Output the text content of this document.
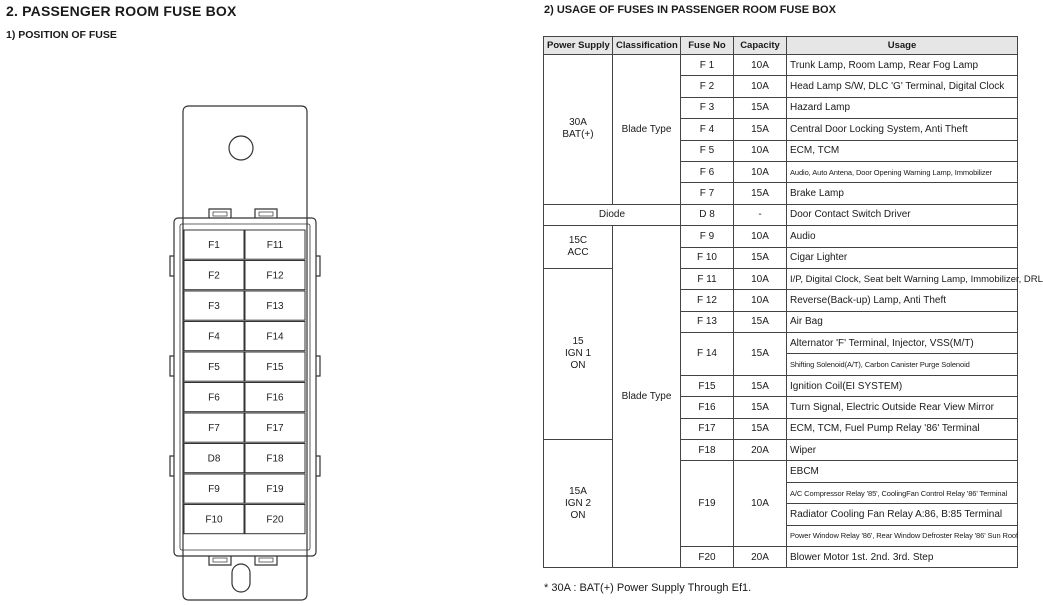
2. PASSENGER ROOM FUSE BOX
1) POSITION OF FUSE
2) USAGE OF FUSES IN PASSENGER ROOM FUSE BOX
F1
F2
F3
F4
F5
F6
F7
D8
F9
F10
F11
F12
F13
F14
F15
F16
F17
F18
F19
F20
Power Supply	Classification	Fuse No	Capacity	Usage

30A
BAT(+)	Blade Type	F 1	10A	Trunk Lamp, Room Lamp, Rear Fog Lamp
		F 2	10A	Head Lamp S/W, DLC 'G' Terminal, Digital Clock
		F 3	15A	Hazard Lamp
		F 4	15A	Central Door Locking System, Anti Theft
		F 5	10A	ECM, TCM
		F 6	10A	Audio, Auto Antena, Door Opening Warning Lamp, Immobilizer
		F 7	15A	Brake Lamp
Diode		D 8	-	Door Contact Switch Driver

15C
ACC	Blade Type	F 9	10A	Audio
		F 10	15A	Cigar Lighter

15
IGN 1
ON		F 11	10A	I/P, Digital Clock, Seat belt Warning Lamp, Immobilizer, DRL
		F 12	10A	Reverse(Back-up) Lamp, Anti Theft
		F 13	15A	Air Bag
		F 14	15A	Alternator 'F' Terminal, Injector, VSS(M/T)
				Shifting Solenoid(A/T), Carbon Canister Purge Solenoid
		F15	15A	Ignition Coil(EI SYSTEM)
		F16	15A	Turn Signal, Electric Outside Rear View Mirror
		F17	15A	ECM, TCM, Fuel Pump Relay '86' Terminal

15A
IGN 2
ON		F18	20A	Wiper
		F19	10A	EBCM
				A/C Compressor Relay '85', CoolingFan Control Relay '86' Terminal
				Radiator Cooling Fan Relay A:86, B:85 Terminal
				Power Window Relay '86', Rear Window Defroster Relay '86' Sun Roof
		F20	20A	Blower Motor 1st. 2nd. 3rd. Step
* 30A : BAT(+) Power Supply Through Ef1.
